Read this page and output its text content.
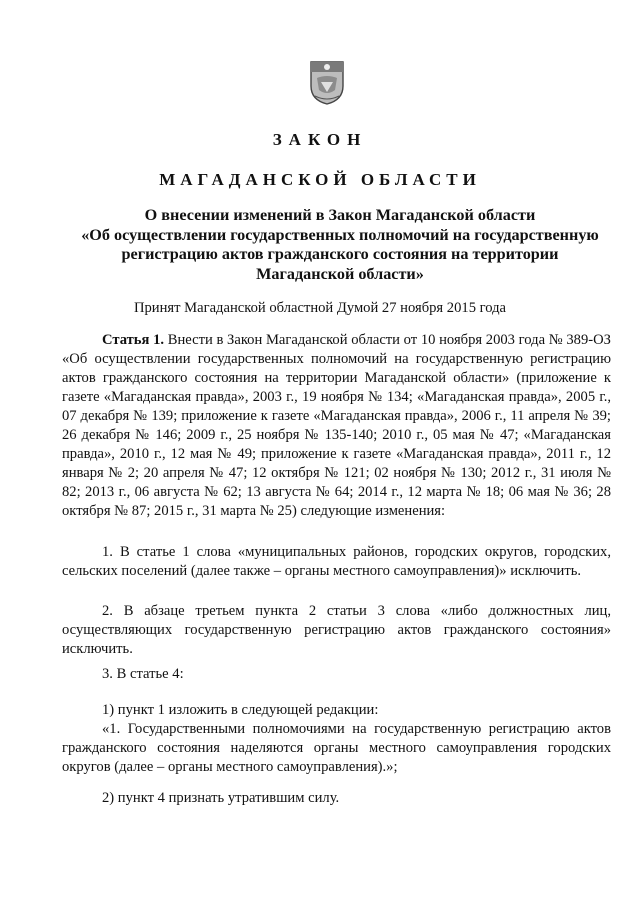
ЗАКОН
МАГАДАНСКОЙ ОБЛАСТИ
О внесении изменений в Закон Магаданской области
«Об осуществлении государственных полномочий на государственную
регистрацию актов гражданского состояния на территории
Магаданской области»
Принят Магаданской областной Думой 27 ноября 2015 года
Статья 1. Внести в Закон Магаданской области от 10 ноября 2003 года № 389-ОЗ «Об осуществлении государственных полномочий на государственную регистрацию актов гражданского состояния на территории Магаданской области» (приложение к газете «Магаданская правда», 2003 г., 19 ноября № 134; «Магаданская правда», 2005 г., 07 декабря № 139; приложение к газете «Магаданская правда», 2006 г., 11 апреля № 39; 26 декабря № 146; 2009 г., 25 ноября № 135-140; 2010 г., 05 мая № 47; «Магаданская правда», 2010 г., 12 мая № 49; приложение к газете «Магаданская правда», 2011 г., 12 января № 2; 20 апреля № 47; 12 октября № 121; 02 ноября № 130; 2012 г., 31 июля № 82; 2013 г., 06 августа № 62; 13 августа № 64; 2014 г., 12 марта № 18; 06 мая № 36; 28 октября № 87; 2015 г., 31 марта № 25) следующие изменения:
1. В статье 1 слова «муниципальных районов, городских округов, городских, сельских поселений (далее также – органы местного самоуправления)» исключить.
2. В абзаце третьем пункта 2 статьи 3 слова «либо должностных лиц, осуществляющих государственную регистрацию актов гражданского состояния» исключить.
3. В статье 4:
1) пункт 1 изложить в следующей редакции:
«1. Государственными полномочиями на государственную регистрацию актов гражданского состояния наделяются органы местного самоуправления городских округов (далее – органы местного самоуправления).»;
2) пункт 4 признать утратившим силу.
